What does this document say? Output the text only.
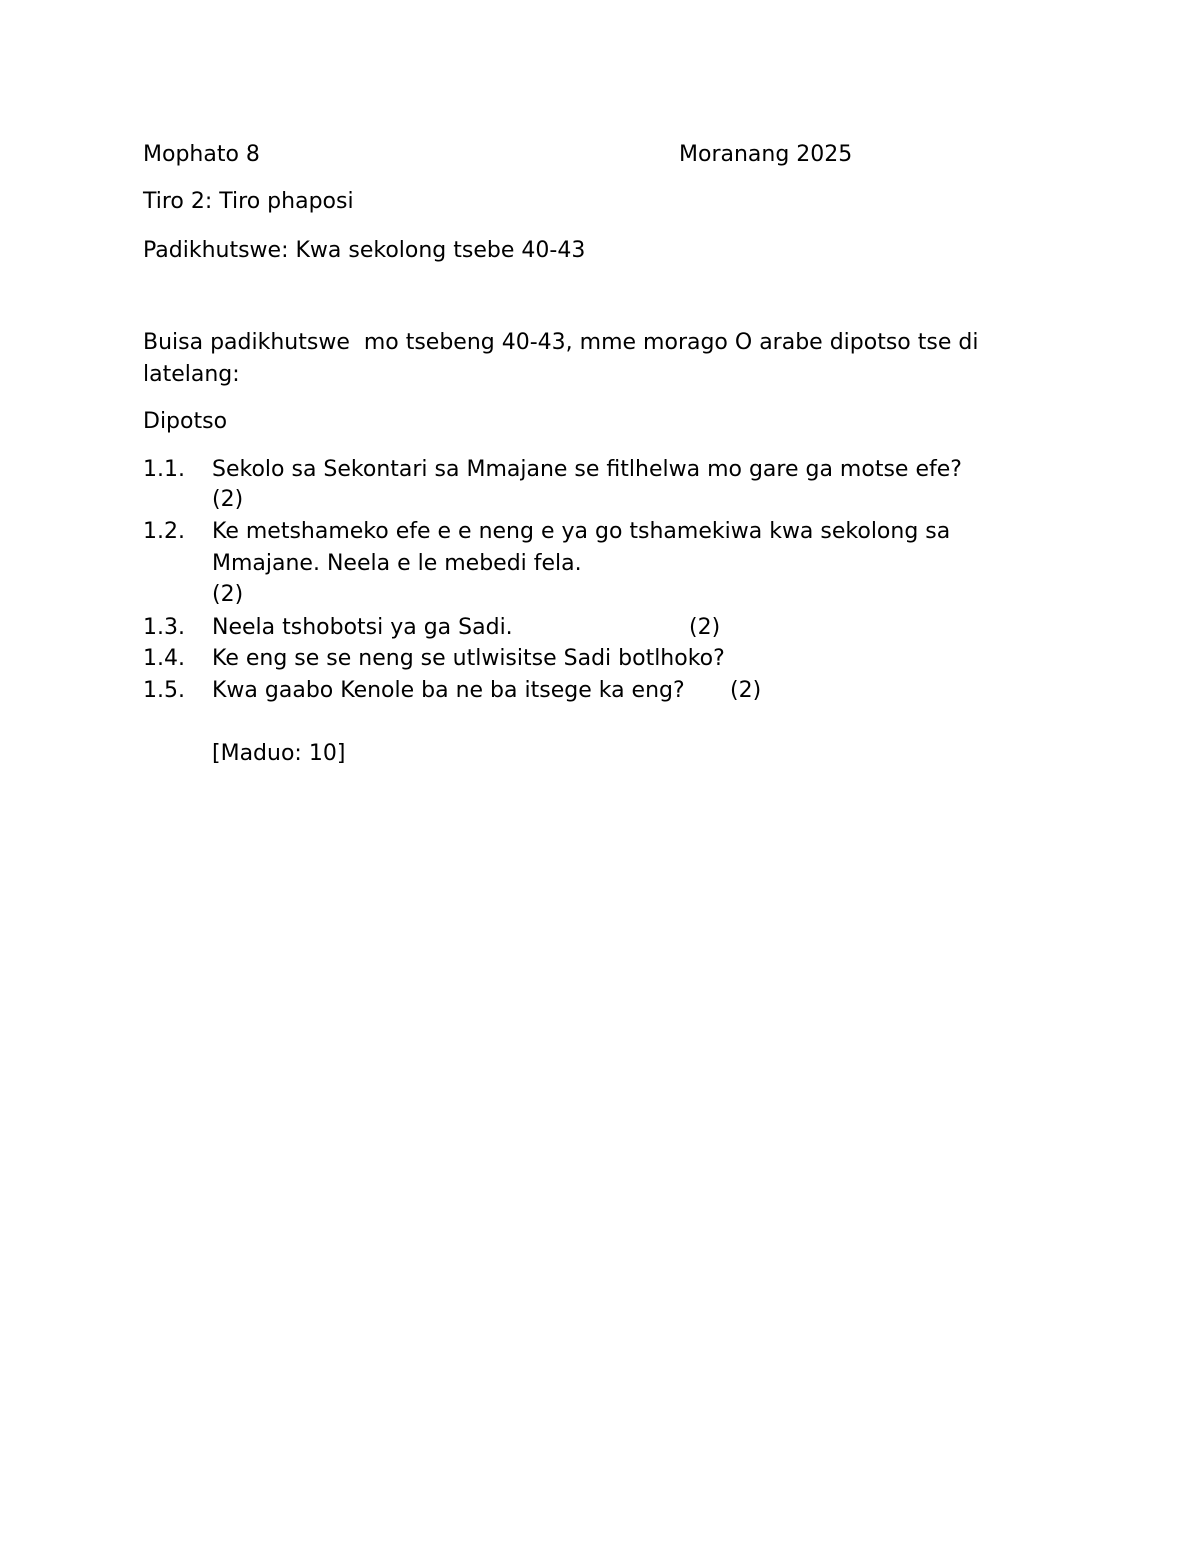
Mophato 8	Moranang 2025
Tiro 2: Tiro phaposi
Padikhutswe: Kwa sekolong tsebe 40-43
Buisa padikhutswe  mo tsebeng 40-43, mme morago O arabe dipotso tse di
latelang:
Dipotso
1.1. Sekolo sa Sekontari sa Mmajane se fitlhelwa mo gare ga motse efe?
(2)
1.2. Ke metshameko efe e e neng e ya go tshamekiwa kwa sekolong sa
Mmajane. Neela e le mebedi fela.
(2)
1.3. Neela tshobotsi ya ga Sadi.	(2)
1.4. Ke eng se se neng se utlwisitse Sadi botlhoko?
1.5. Kwa gaabo Kenole ba ne ba itsege ka eng? (2)
[Maduo: 10]
